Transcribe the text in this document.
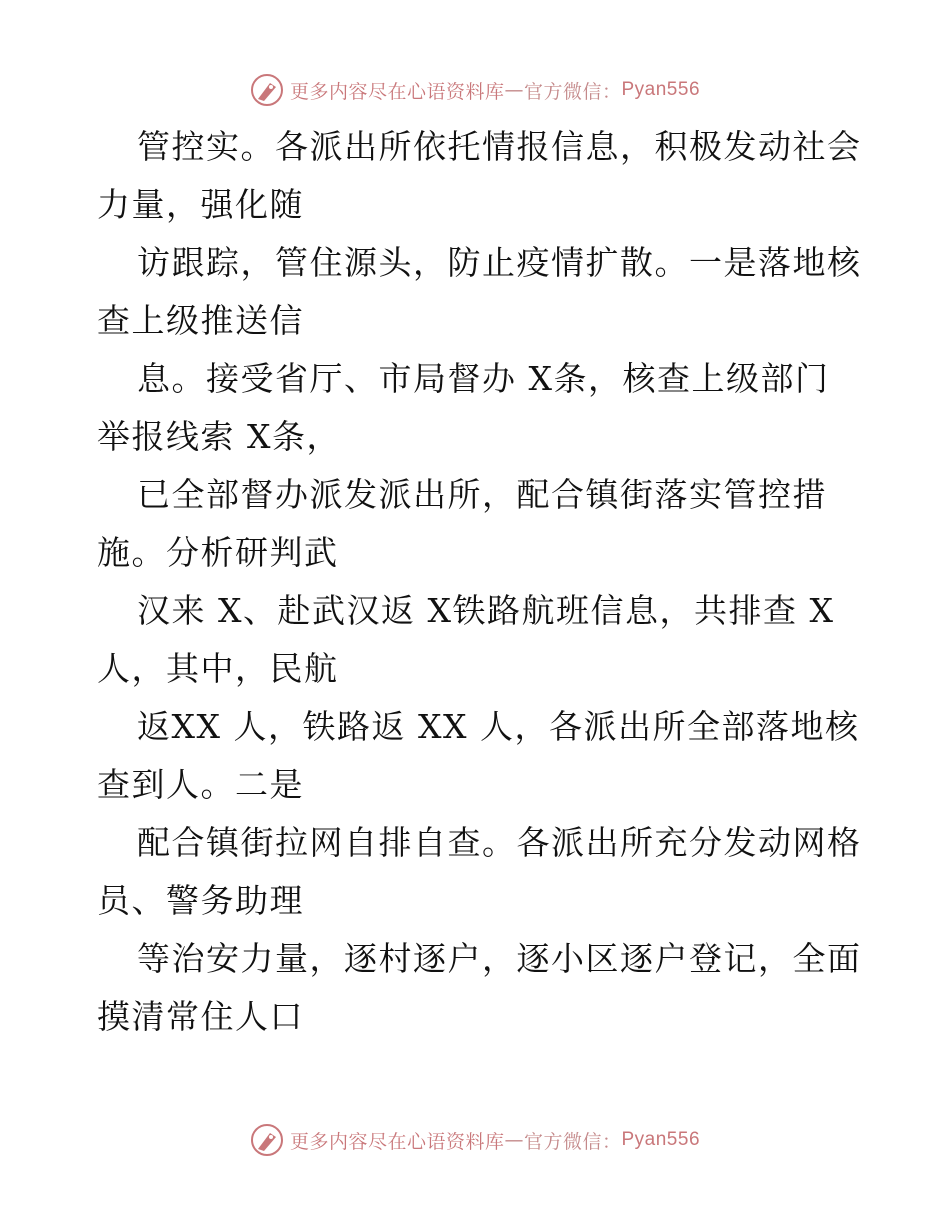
更多内容尽在心语资料库 — 官方微信： Pyan556
管控实。各派出所依托情报信息，积极发动社会
力量，强化随
访跟踪，管住源头，防止疫情扩散。一是落地核
查上级推送信
息。接受省厅、市局督办 X条，核查上级部门
举报线索 X条，
已全部督办派发派出所，配合镇街落实管控措
施。分析研判武
汉来 X、赴武汉返 X铁路航班信息，共排查 X
人，其中，民航
返XX 人，铁路返 XX 人，各派出所全部落地核
查到人。二是
配合镇街拉网自排自查。各派出所充分发动网格
员、警务助理
等治安力量，逐村逐户，逐小区逐户登记，全面
摸清常住人口
更多内容尽在心语资料库 — 官方微信： Pyan556
